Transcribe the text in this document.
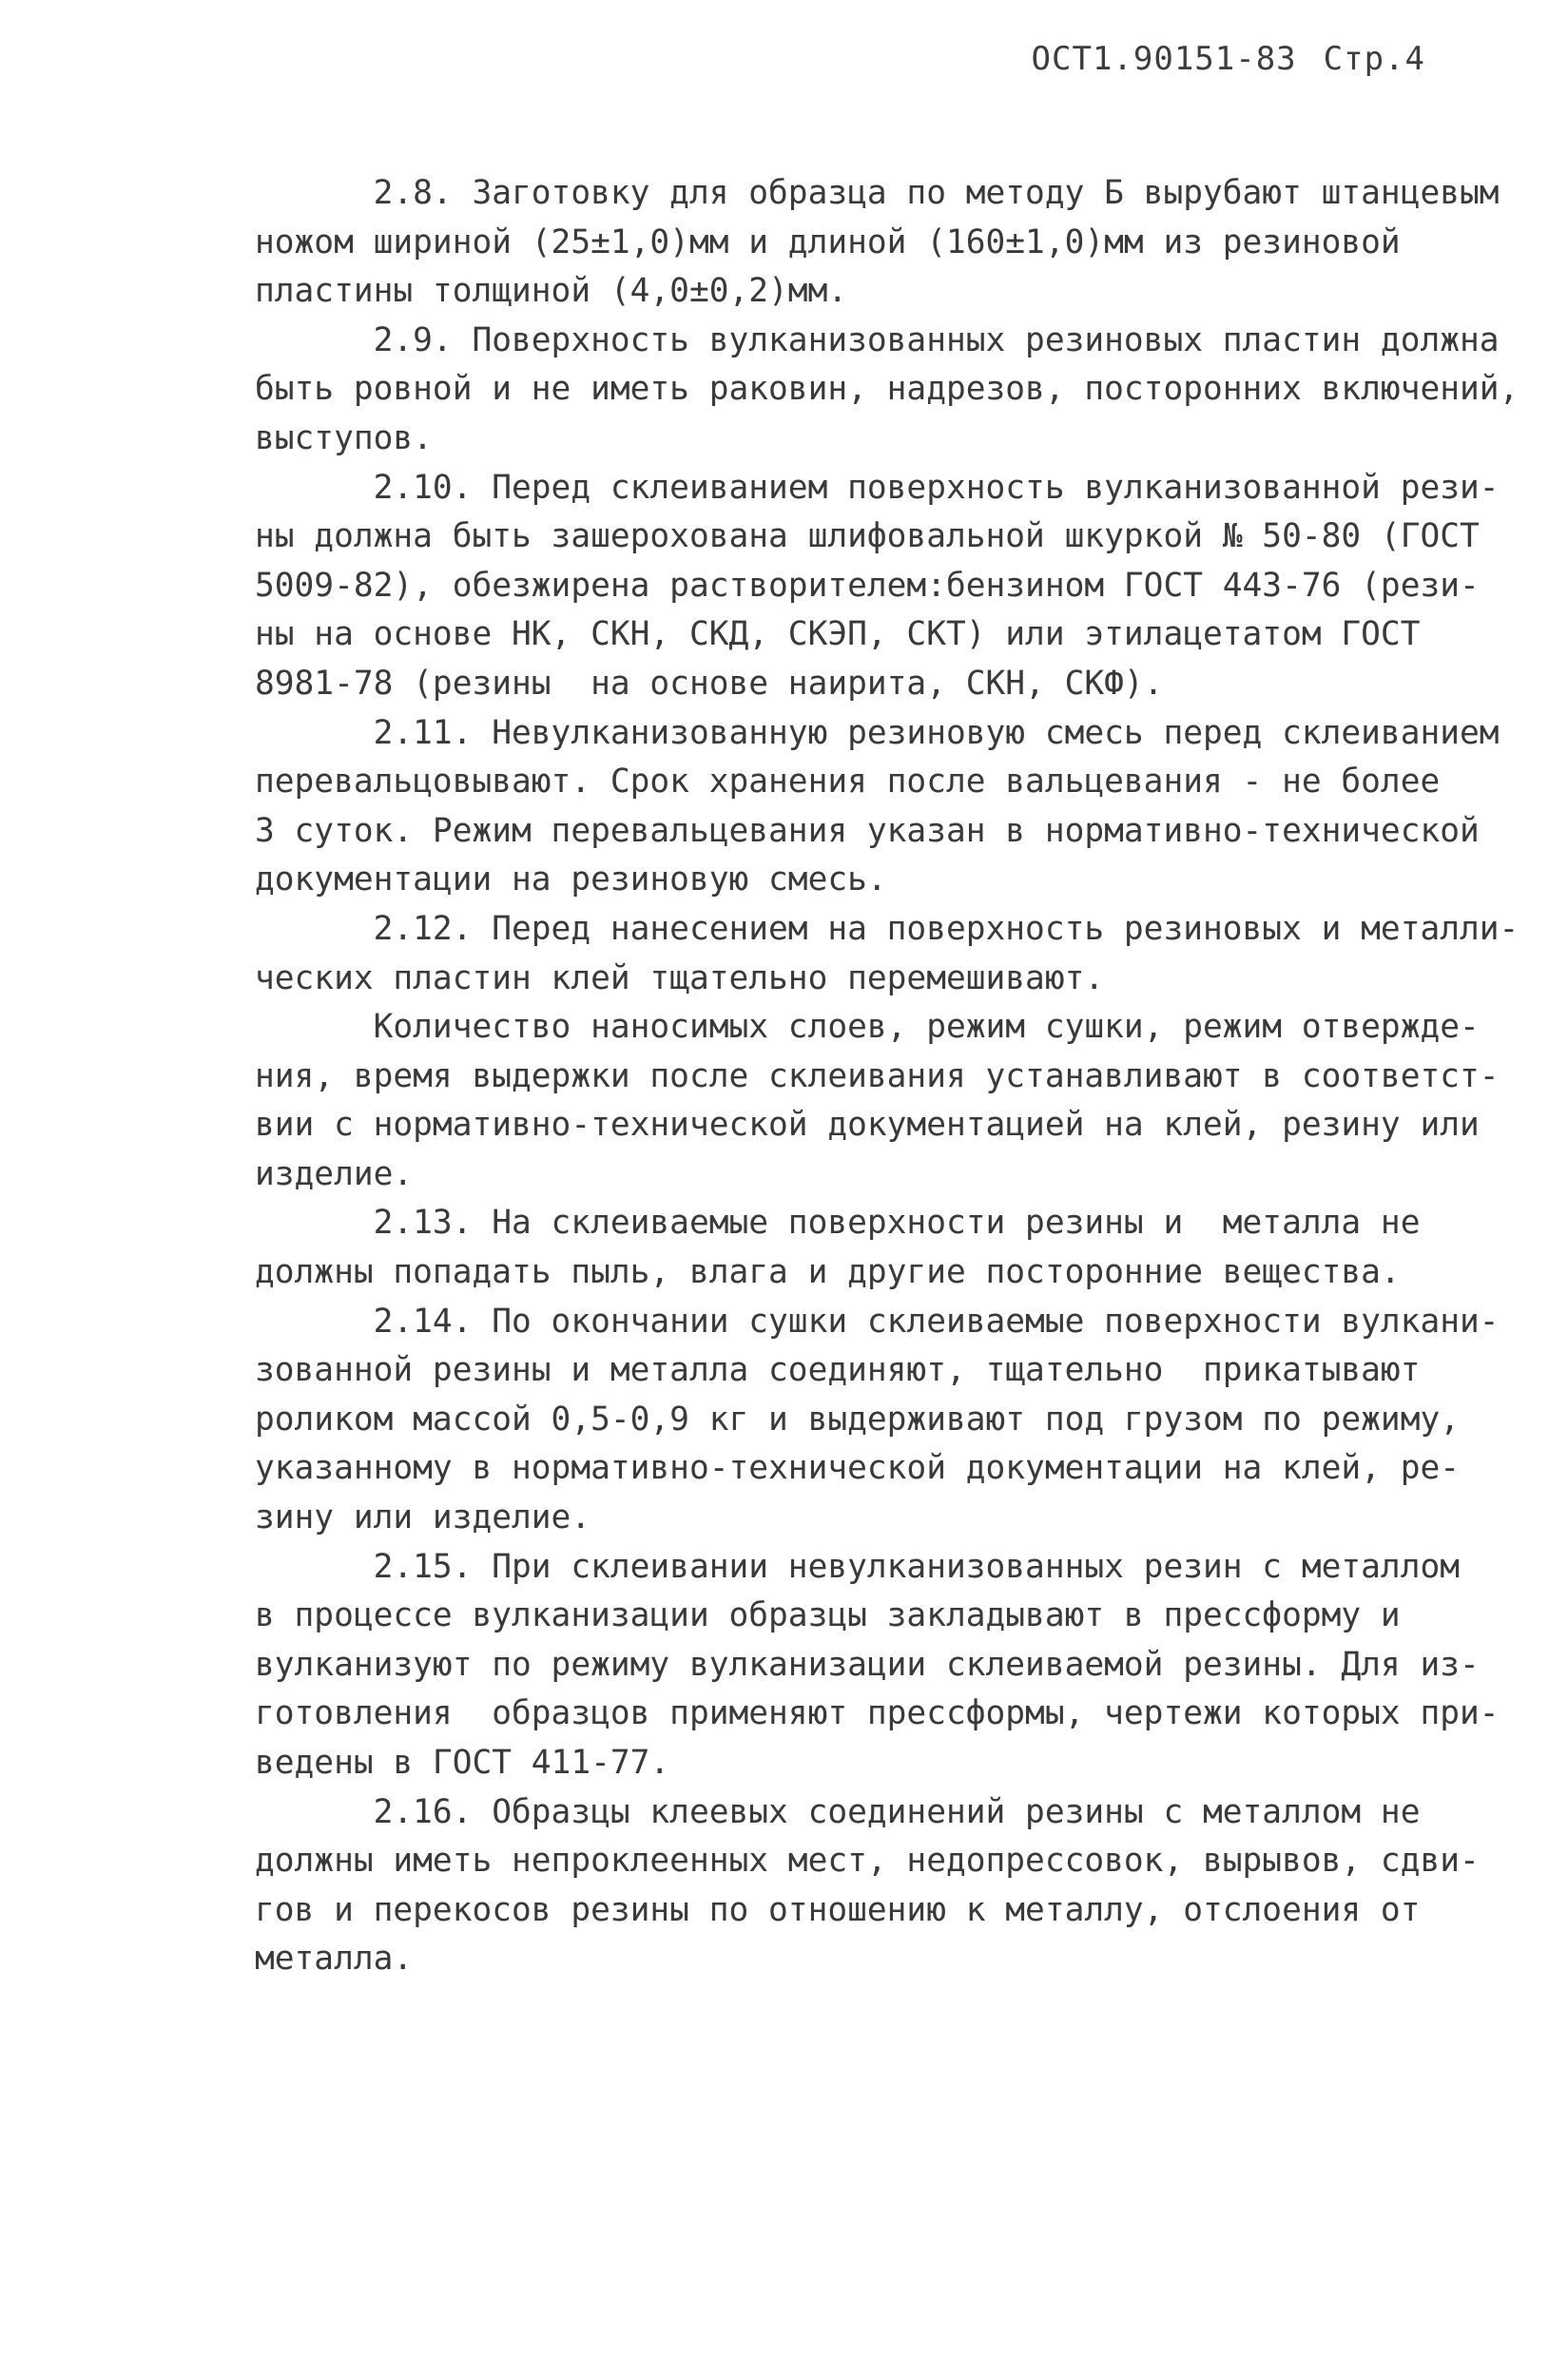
ОСТ1.90151-83 Стр.4
2.8. Заготовку для образца по методу Б вырубают штанцевым
ножом шириной (25±1,0)мм и длиной (160±1,0)мм из резиновой
пластины толщиной (4,0±0,2)мм.
2.9. Поверхность вулканизованных резиновых пластин должна
быть ровной и не иметь раковин, надрезов, посторонних включений,
выступов.
2.10. Перед склеиванием поверхность вулканизованной рези-
ны должна быть зашерохована шлифовальной шкуркой № 50-80 (ГОСТ
5009-82), обезжирена растворителем:бензином ГОСТ 443-76 (рези-
ны на основе НК, СКН, СКД, СКЭП, СКТ) или этилацетатом ГОСТ
8981-78 (резины  на основе наирита, СКН, СКФ).
2.11. Невулканизованную резиновую смесь перед склеиванием
перевальцовывают. Срок хранения после вальцевания - не более
3 суток. Режим перевальцевания указан в нормативно-технической
документации на резиновую смесь.
2.12. Перед нанесением на поверхность резиновых и металли-
ческих пластин клей тщательно перемешивают.
Количество наносимых слоев, режим сушки, режим отвержде-
ния, время выдержки после склеивания устанавливают в соответст-
вии с нормативно-технической документацией на клей, резину или
изделие.
2.13. На склеиваемые поверхности резины и  металла не
должны попадать пыль, влага и другие посторонние вещества.
2.14. По окончании сушки склеиваемые поверхности вулкани-
зованной резины и металла соединяют, тщательно  прикатывают
роликом массой 0,5-0,9 кг и выдерживают под грузом по режиму,
указанному в нормативно-технической документации на клей, ре-
зину или изделие.
2.15. При склеивании невулканизованных резин с металлом
в процессе вулканизации образцы закладывают в прессформу и
вулканизуют по режиму вулканизации склеиваемой резины. Для из-
готовления  образцов применяют прессформы, чертежи которых при-
ведены в ГОСТ 411-77.
2.16. Образцы клеевых соединений резины с металлом не
должны иметь непроклеенных мест, недопрессовок, вырывов, сдви-
гов и перекосов резины по отношению к металлу, отслоения от
металла.
